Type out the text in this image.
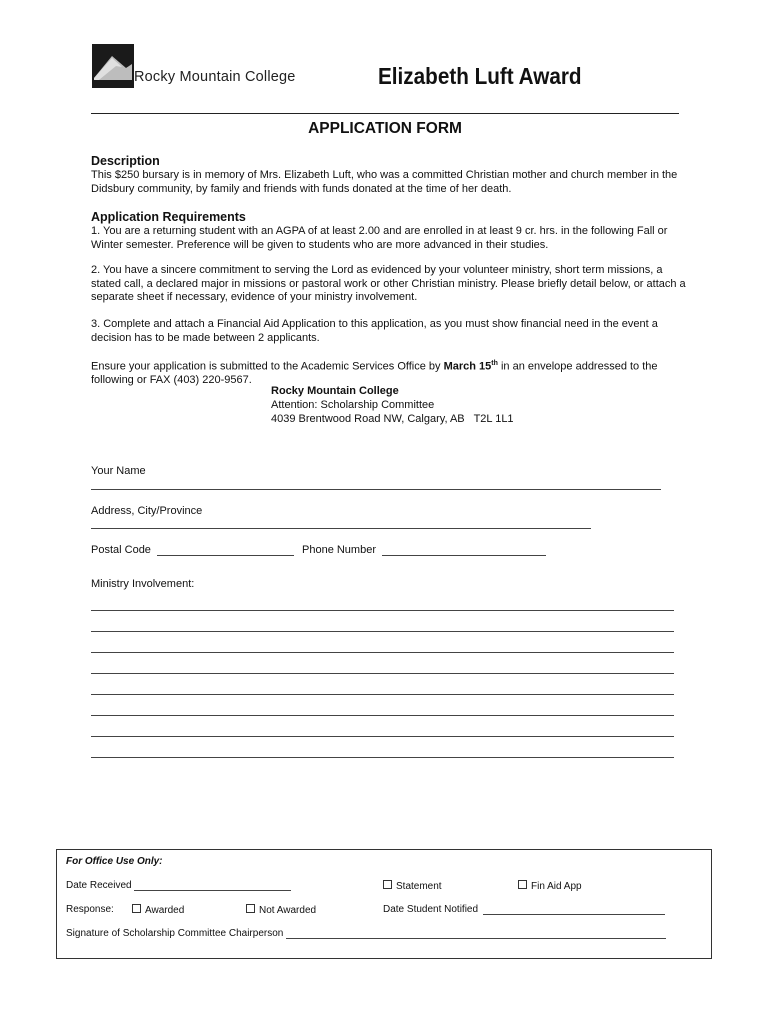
Rocky Mountain College	Elizabeth Luft Award
APPLICATION FORM
Description
This $250 bursary is in memory of Mrs. Elizabeth Luft, who was a committed Christian mother and church member in the Didsbury community, by family and friends with funds donated at the time of her death.
Application Requirements
1. You are a returning student with an AGPA of at least 2.00 and are enrolled in at least 9 cr. hrs. in the following Fall or Winter semester. Preference will be given to students who are more advanced in their studies.
2. You have a sincere commitment to serving the Lord as evidenced by your volunteer ministry, short term missions, a stated call, a declared major in missions or pastoral work or other Christian ministry. Please briefly detail below, or attach a separate sheet if necessary, evidence of your ministry involvement.
3. Complete and attach a Financial Aid Application to this application, as you must show financial need in the event a decision has to be made between 2 applicants.
Ensure your application is submitted to the Academic Services Office by March 15th in an envelope addressed to the following or FAX (403) 220-9567.
Rocky Mountain College
Attention: Scholarship Committee
4039 Brentwood Road NW, Calgary, AB   T2L 1L1
Your Name
Address, City/Province
Postal Code	Phone Number
Ministry Involvement:
For Office Use Only:
Date Received	Statement	Fin Aid App
Response:	Awarded	Not Awarded	Date Student Notified
Signature of Scholarship Committee Chairperson
